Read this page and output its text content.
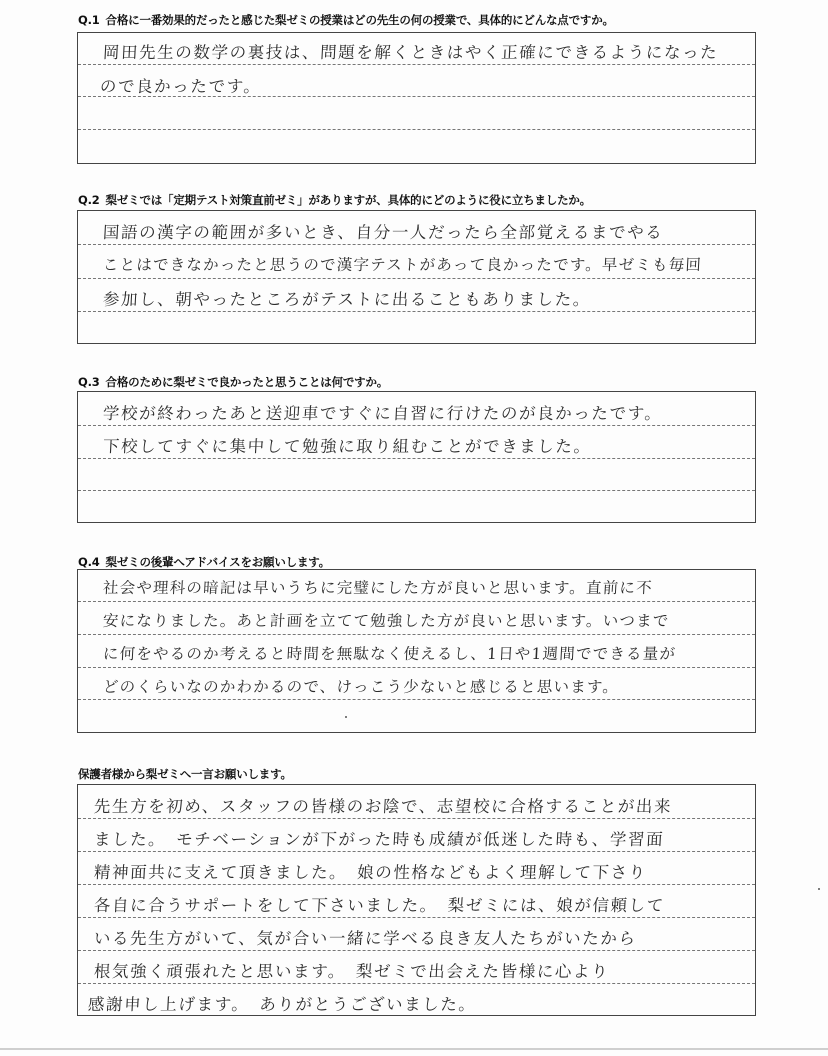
Q.1 合格に一番効果的だったと感じた梨ゼミの授業はどの先生の何の授業で、具体的にどんな点ですか。
岡田先生の数学の裏技は、問題を解くときはやく正確にできるようになった
ので良かったです。
Q.2 梨ゼミでは「定期テスト対策直前ゼミ」がありますが、具体的にどのように役に立ちましたか。
国語の漢字の範囲が多いとき、自分一人だったら全部覚えるまでやる
ことはできなかったと思うので漢字テストがあって良かったです。早ゼミも毎回
参加し、朝やったところがテストに出ることもありました。
Q.3 合格のために梨ゼミで良かったと思うことは何ですか。
学校が終わったあと送迎車ですぐに自習に行けたのが良かったです。
下校してすぐに集中して勉強に取り組むことができました。
Q.4 梨ゼミの後輩へアドバイスをお願いします。
社会や理科の暗記は早いうちに完璧にした方が良いと思います。直前に不
安になりました。あと計画を立てて勉強した方が良いと思います。いつまで
に何をやるのか考えると時間を無駄なく使えるし、1日や1週間でできる量が
どのくらいなのかわかるので、けっこう少ないと感じると思います。
保護者様から梨ゼミへ一言お願いします。
先生方を初め、スタッフの皆様のお陰で、志望校に合格することが出来
ました。　モチベーションが下がった時も成績が低迷した時も、学習面
精神面共に支えて頂きました。　娘の性格などもよく理解して下さり
各自に合うサポートをして下さいました。　梨ゼミには、娘が信頼して
いる先生方がいて、気が合い一緒に学べる良き友人たちがいたから
根気強く頑張れたと思います。　梨ゼミで出会えた皆様に心より
感謝申し上げます。　ありがとうございました。
